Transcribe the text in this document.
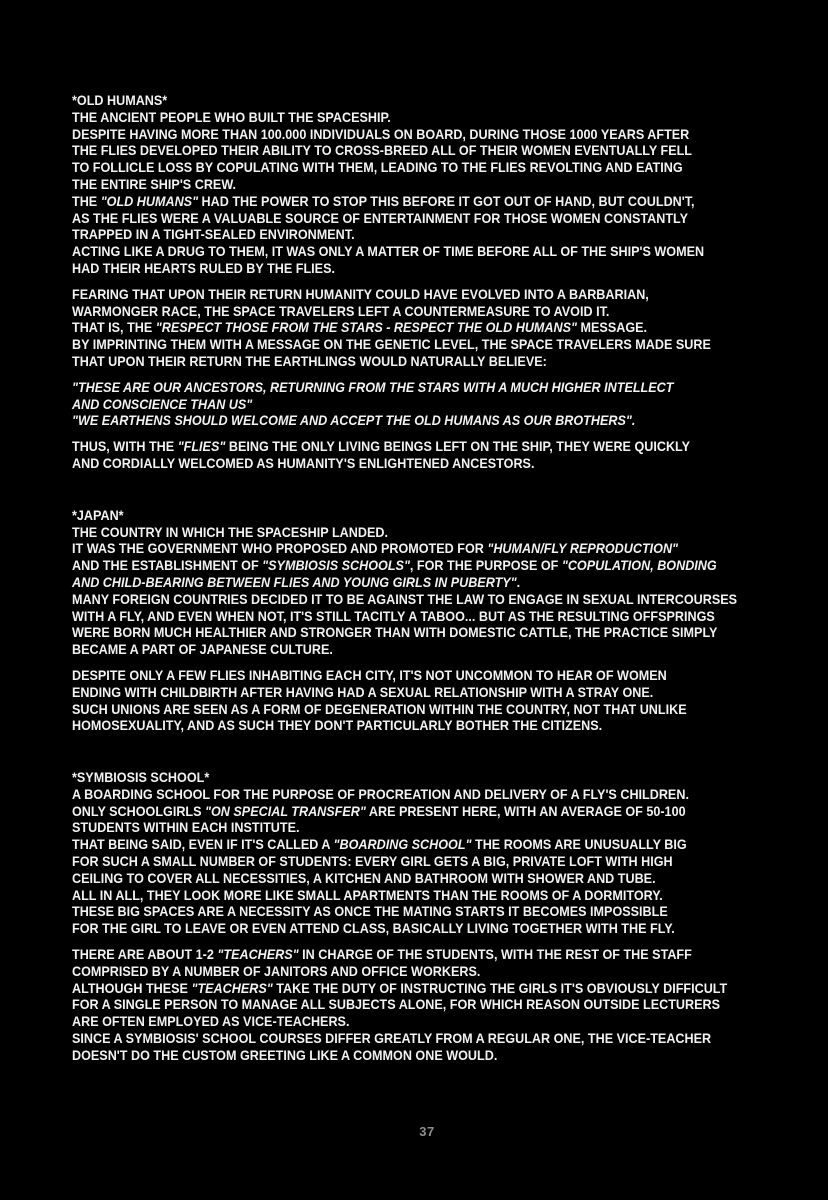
*OLD HUMANS*
THE ANCIENT PEOPLE WHO BUILT THE SPACESHIP.
DESPITE HAVING MORE THAN 100.000 INDIVIDUALS ON BOARD, DURING THOSE 1000 YEARS AFTER
THE FLIES DEVELOPED THEIR ABILITY TO CROSS-BREED ALL OF THEIR WOMEN EVENTUALLY FELL
TO FOLLICLE LOSS BY COPULATING WITH THEM, LEADING TO THE FLIES REVOLTING AND EATING
THE ENTIRE SHIP'S CREW.
THE "OLD HUMANS" HAD THE POWER TO STOP THIS BEFORE IT GOT OUT OF HAND, BUT COULDN'T,
AS THE FLIES WERE A VALUABLE SOURCE OF ENTERTAINMENT FOR THOSE WOMEN CONSTANTLY
TRAPPED IN A TIGHT-SEALED ENVIRONMENT.
ACTING LIKE A DRUG TO THEM, IT WAS ONLY A MATTER OF TIME BEFORE ALL OF THE SHIP'S WOMEN
HAD THEIR HEARTS RULED BY THE FLIES.
FEARING THAT UPON THEIR RETURN HUMANITY COULD HAVE EVOLVED INTO A BARBARIAN,
WARMONGER RACE, THE SPACE TRAVELERS LEFT A COUNTERMEASURE TO AVOID IT.
THAT IS, THE "RESPECT THOSE FROM THE STARS - RESPECT THE OLD HUMANS" MESSAGE.
BY IMPRINTING THEM WITH A MESSAGE ON THE GENETIC LEVEL, THE SPACE TRAVELERS MADE SURE
THAT UPON THEIR RETURN THE EARTHLINGS WOULD NATURALLY BELIEVE:
"THESE ARE OUR ANCESTORS, RETURNING FROM THE STARS WITH A MUCH HIGHER INTELLECT
AND CONSCIENCE THAN US"
"WE EARTHENS SHOULD WELCOME AND ACCEPT THE OLD HUMANS AS OUR BROTHERS".
THUS, WITH THE "FLIES" BEING THE ONLY LIVING BEINGS LEFT ON THE SHIP, THEY WERE QUICKLY
AND CORDIALLY WELCOMED AS HUMANITY'S ENLIGHTENED ANCESTORS.
*JAPAN*
THE COUNTRY IN WHICH THE SPACESHIP LANDED.
IT WAS THE GOVERNMENT WHO PROPOSED AND PROMOTED FOR "HUMAN/FLY REPRODUCTION"
AND THE ESTABLISHMENT OF "SYMBIOSIS SCHOOLS", FOR THE PURPOSE OF "COPULATION, BONDING
AND CHILD-BEARING BETWEEN FLIES AND YOUNG GIRLS IN PUBERTY".
MANY FOREIGN COUNTRIES DECIDED IT TO BE AGAINST THE LAW TO ENGAGE IN SEXUAL INTERCOURSES
WITH A FLY, AND EVEN WHEN NOT, IT'S STILL TACITLY A TABOO... BUT AS THE RESULTING OFFSPRINGS
WERE BORN MUCH HEALTHIER AND STRONGER THAN WITH DOMESTIC CATTLE, THE PRACTICE SIMPLY
BECAME A PART OF JAPANESE CULTURE.
DESPITE ONLY A FEW FLIES INHABITING EACH CITY, IT'S NOT UNCOMMON TO HEAR OF WOMEN
ENDING WITH CHILDBIRTH AFTER HAVING HAD A SEXUAL RELATIONSHIP WITH A STRAY ONE.
SUCH UNIONS ARE SEEN AS A FORM OF DEGENERATION WITHIN THE COUNTRY, NOT THAT UNLIKE
HOMOSEXUALITY, AND AS SUCH THEY DON'T PARTICULARLY BOTHER THE CITIZENS.
*SYMBIOSIS SCHOOL*
A BOARDING SCHOOL FOR THE PURPOSE OF PROCREATION AND DELIVERY OF A FLY'S CHILDREN.
ONLY SCHOOLGIRLS "ON SPECIAL TRANSFER" ARE PRESENT HERE, WITH AN AVERAGE OF 50-100
STUDENTS WITHIN EACH INSTITUTE.
THAT BEING SAID, EVEN IF IT'S CALLED A "BOARDING SCHOOL" THE ROOMS ARE UNUSUALLY BIG
FOR SUCH A SMALL NUMBER OF STUDENTS: EVERY GIRL GETS A BIG, PRIVATE LOFT WITH HIGH
CEILING TO COVER ALL NECESSITIES, A KITCHEN AND BATHROOM WITH SHOWER AND TUBE.
ALL IN ALL, THEY LOOK MORE LIKE SMALL APARTMENTS THAN THE ROOMS OF A DORMITORY.
THESE BIG SPACES ARE A NECESSITY AS ONCE THE MATING STARTS IT BECOMES IMPOSSIBLE
FOR THE GIRL TO LEAVE OR EVEN ATTEND CLASS, BASICALLY LIVING TOGETHER WITH THE FLY.
THERE ARE ABOUT 1-2 "TEACHERS" IN CHARGE OF THE STUDENTS, WITH THE REST OF THE STAFF
COMPRISED BY A NUMBER OF JANITORS AND OFFICE WORKERS.
ALTHOUGH THESE "TEACHERS" TAKE THE DUTY OF INSTRUCTING THE GIRLS IT'S OBVIOUSLY DIFFICULT
FOR A SINGLE PERSON TO MANAGE ALL SUBJECTS ALONE, FOR WHICH REASON OUTSIDE LECTURERS
ARE OFTEN EMPLOYED AS VICE-TEACHERS.
SINCE A SYMBIOSIS' SCHOOL COURSES DIFFER GREATLY FROM A REGULAR ONE, THE VICE-TEACHER
DOESN'T DO THE CUSTOM GREETING LIKE A COMMON ONE WOULD.
37
